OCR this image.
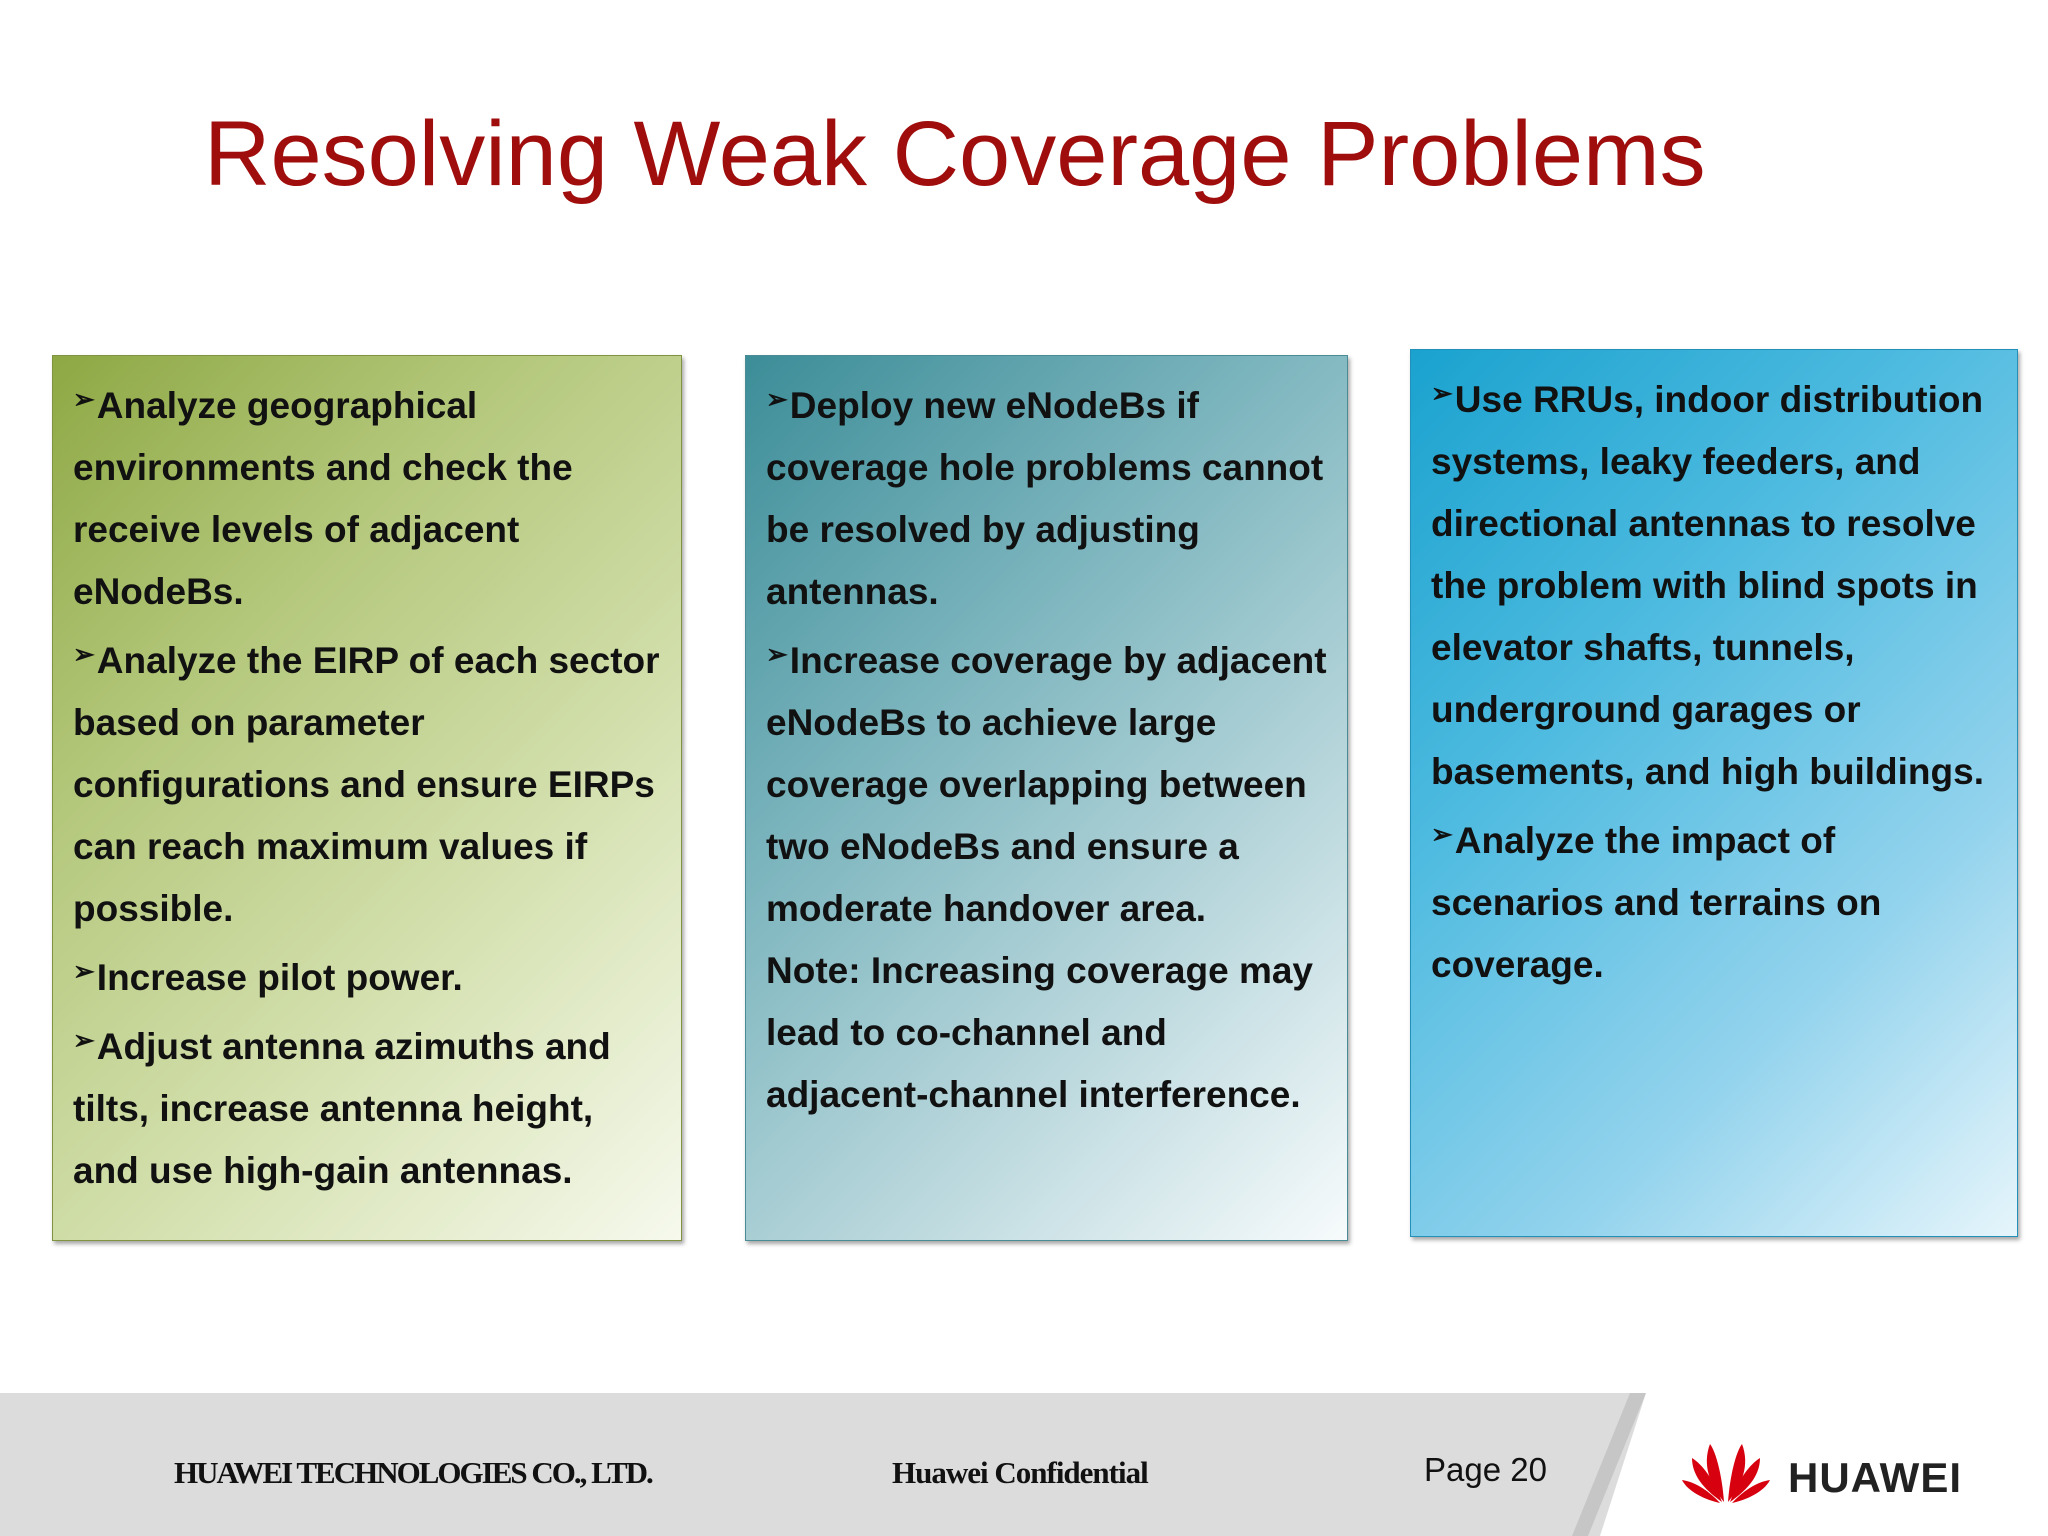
Resolving Weak Coverage Problems

➢Analyze geographical environments and check the receive levels of adjacent eNodeBs.

➢Analyze the EIRP of each sector based on parameter configurations and ensure EIRPs can reach maximum values if possible.

➢Increase pilot power.

➢Adjust antenna azimuths and tilts, increase antenna height, and use high-gain antennas.

➢Deploy new eNodeBs if coverage hole problems cannot be resolved by adjusting antennas.

➢Increase coverage by adjacent eNodeBs to achieve large coverage overlapping between two eNodeBs and ensure a moderate handover area.

Note: Increasing coverage may lead to co-channel and adjacent-channel interference.

➢Use RRUs, indoor distribution systems, leaky feeders, and directional antennas to resolve the problem with blind spots in elevator shafts, tunnels, underground garages or basements, and high buildings.

➢Analyze the impact of scenarios and terrains on coverage.

HUAWEI TECHNOLOGIES CO., LTD.	Huawei Confidential	Page 20	HUAWEI
